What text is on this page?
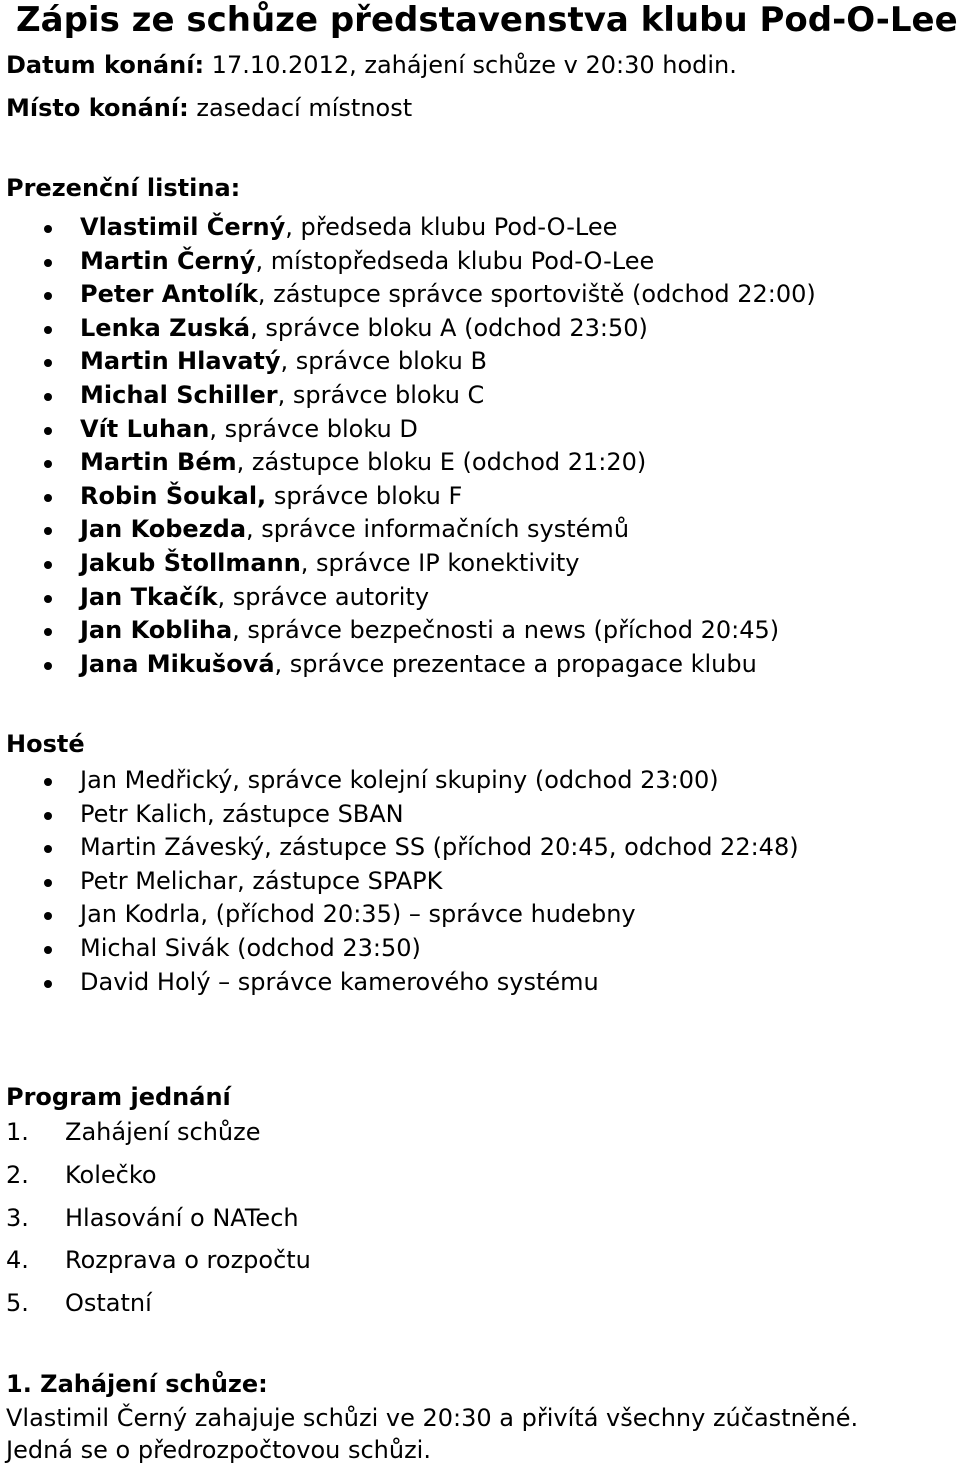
Zápis ze schůze představenstva klubu Pod-O-Lee

Datum konání: 17.10.2012, zahájení schůze v 20:30 hodin.

Místo konání: zasedací místnost

Prezenční listina:

Vlastimil Černý, předseda klubu Pod-O-Lee
Martin Černý, místopředseda klubu Pod-O-Lee
Peter Antolík, zástupce správce sportoviště (odchod 22:00)
Lenka Zuská, správce bloku A (odchod 23:50)
Martin Hlavatý, správce bloku B
Michal Schiller, správce bloku C
Vít Luhan, správce bloku D
Martin Bém, zástupce bloku E (odchod 21:20)
Robin Šoukal, správce bloku F
Jan Kobezda, správce informačních systémů
Jakub Štollmann, správce IP konektivity
Jan Tkačík, správce autority
Jan Kobliha, správce bezpečnosti a news (příchod 20:45)
Jana Mikušová, správce prezentace a propagace klubu

Hosté

Jan Medřický, správce kolejní skupiny (odchod 23:00)
Petr Kalich, zástupce SBAN
Martin Záveský, zástupce SS (příchod 20:45, odchod 22:48)
Petr Melichar, zástupce SPAPK
Jan Kodrla, (příchod 20:35) – správce hudebny
Michal Sivák (odchod 23:50)
David Holý – správce kamerového systému

Program jednání

1. Zahájení schůze
2. Kolečko
3. Hlasování o NATech
4. Rozprava o rozpočtu
5. Ostatní

1. Zahájení schůze:

Vlastimil Černý zahajuje schůzi ve 20:30 a přivítá všechny zúčastněné.

Jedná se o předrozpočtovou schůzi.
